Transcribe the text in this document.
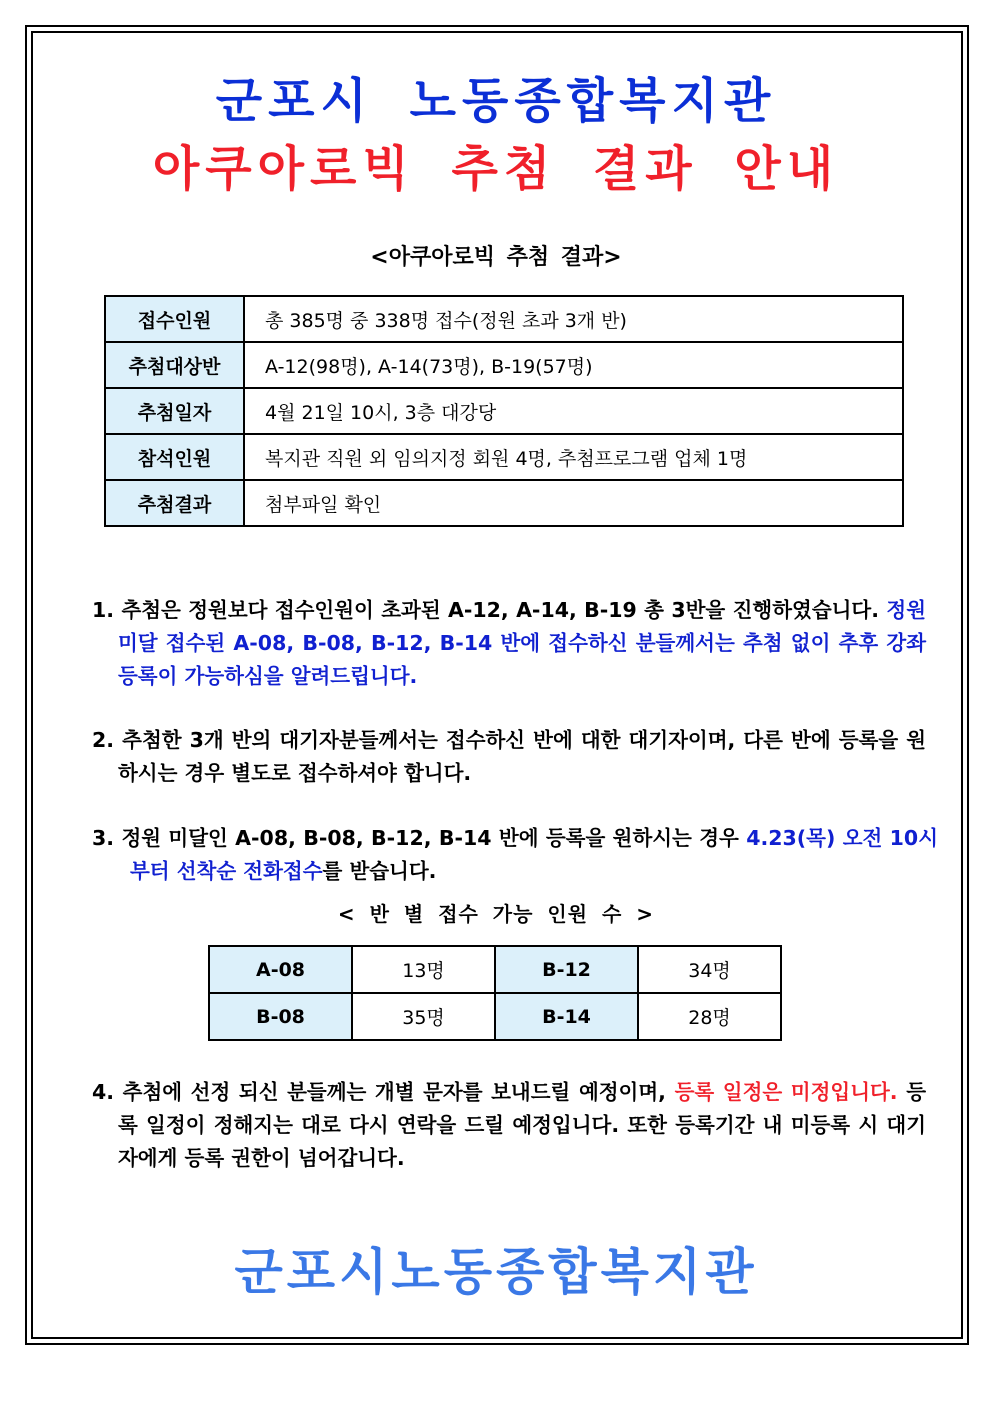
군포시 노동종합복지관
아쿠아로빅 추첨 결과 안내
<아쿠아로빅 추첨 결과>
접수인원	총 385명 중 338명 접수(정원 초과 3개 반)
추첨대상반	A-12(98명), A-14(73명), B-19(57명)
추첨일자	4월 21일 10시, 3층 대강당
참석인원	복지관 직원 외 임의지정 회원 4명, 추첨프로그램 업체 1명
추첨결과	첨부파일 확인
1. 추첨은 정원보다 접수인원이 초과된 A-12, A-14, B-19 총 3반을 진행하였습니다. 정원 미달 접수된 A-08, B-08, B-12, B-14 반에 접수하신 분들께서는 추첨 없이 추후 강좌 등록이 가능하심을 알려드립니다.
2. 추첨한 3개 반의 대기자분들께서는 접수하신 반에 대한 대기자이며, 다른 반에 등록을 원하시는 경우 별도로 접수하셔야 합니다.
3. 정원 미달인 A-08, B-08, B-12, B-14 반에 등록을 원하시는 경우 4.23(목) 오전 10시부터 선착순 전화접수를 받습니다.
< 반 별 접수 가능 인원 수 >
A-08	13명	B-12	34명
B-08	35명	B-14	28명
4. 추첨에 선정 되신 분들께는 개별 문자를 보내드릴 예정이며, 등록 일정은 미정입니다. 등록 일정이 정해지는 대로 다시 연락을 드릴 예정입니다. 또한 등록기간 내 미등록 시 대기자에게 등록 권한이 넘어갑니다.
군포시노동종합복지관
